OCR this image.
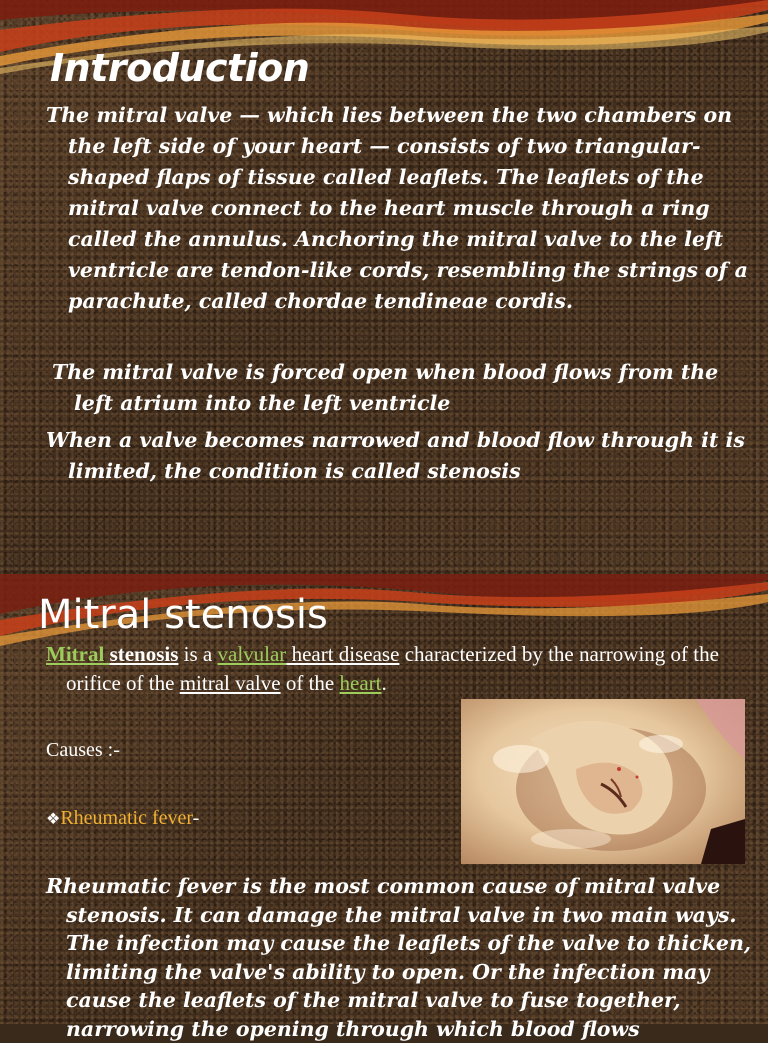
Introduction

The mitral valve — which lies between the two chambers on the left side of your heart — consists of two triangular-shaped flaps of tissue called leaflets. The leaflets of the mitral valve connect to the heart muscle through a ring called the annulus. Anchoring the mitral valve to the left ventricle are tendon-like cords, resembling the strings of a parachute, called chordae tendineae cordis.

The mitral valve is forced open when blood flows from the left atrium into the left ventricle

When a valve becomes narrowed and blood flow through it is limited, the condition is called stenosis

Mitral stenosis

Mitral stenosis is a valvular heart disease characterized by the narrowing of the orifice of the mitral valve of the heart.

Causes :-

❖Rheumatic fever-

Rheumatic fever is the most common cause of mitral valve stenosis. It can damage the mitral valve in two main ways. The infection may cause the leaflets of the valve to thicken, limiting the valve's ability to open. Or the infection may cause the leaflets of the mitral valve to fuse together, narrowing the opening through which blood flows
